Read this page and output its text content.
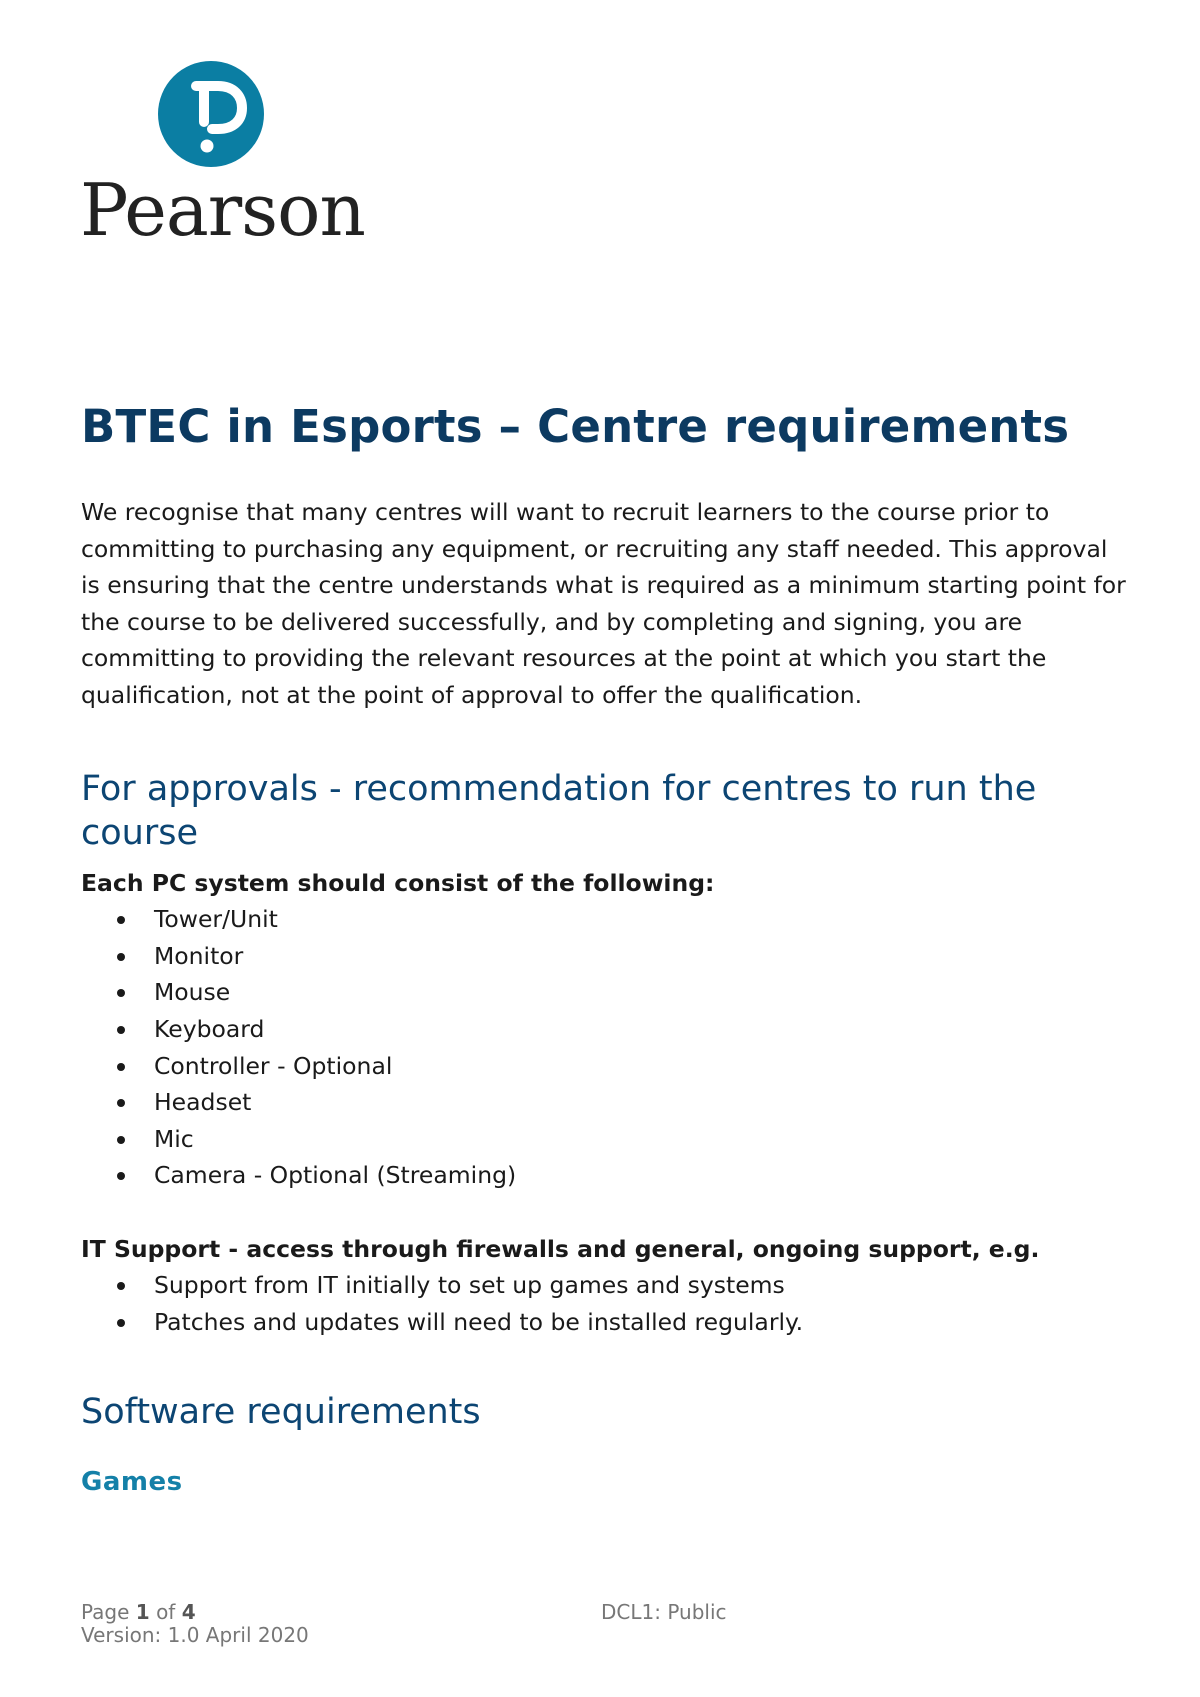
Pearson
BTEC in Esports – Centre requirements

We recognise that many centres will want to recruit learners to the course prior to committing to purchasing any equipment, or recruiting any staff needed. This approval is ensuring that the centre understands what is required as a minimum starting point for the course to be delivered successfully, and by completing and signing, you are committing to providing the relevant resources at the point at which you start the qualification, not at the point of approval to offer the qualification.

For approvals - recommendation for centres to run the course

Each PC system should consist of the following:

Tower/Unit
Monitor
Mouse
Keyboard
Controller - Optional
Headset
Mic
Camera - Optional (Streaming)

IT Support - access through firewalls and general, ongoing support, e.g.

Support from IT initially to set up games and systems
Patches and updates will need to be installed regularly.
Software requirements
Games
Page 1 of 4
Version: 1.0 April 2020
DCL1: Public
